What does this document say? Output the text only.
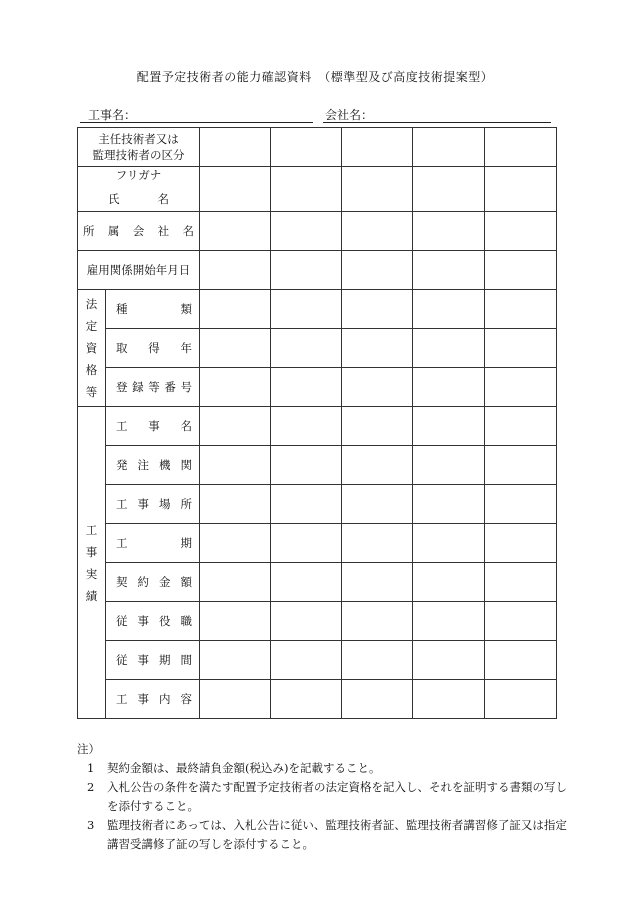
配置予定技術者の能力確認資料　（標準型及び高度技術提案型）
工事名：	会社名：
主任技術者又は
監理技術者の区分						

フリガナ
氏 名						

所 属 会 社 名						

雇用関係開始年月日						

法
定
資
格
等	種 類					

	取 得 年					

	登 録 等 番 号					

工
事
実
績	工 事 名					

	発 注 機 関					

	工 事 場 所					

	工 期					

	契 約 金 額					

	従 事 役 職					

	従 事 期 間					

	工 事 内 容					

注）
1 契約金額は、最終請負金額(税込み)を記載すること。
2 入札公告の条件を満たす配置予定技術者の法定資格を記入し、それを証明する書類の写しを添付すること。
3 監理技術者にあっては、入札公告に従い、監理技術者証、監理技術者講習修了証又は指定講習受講修了証の写しを添付すること。
